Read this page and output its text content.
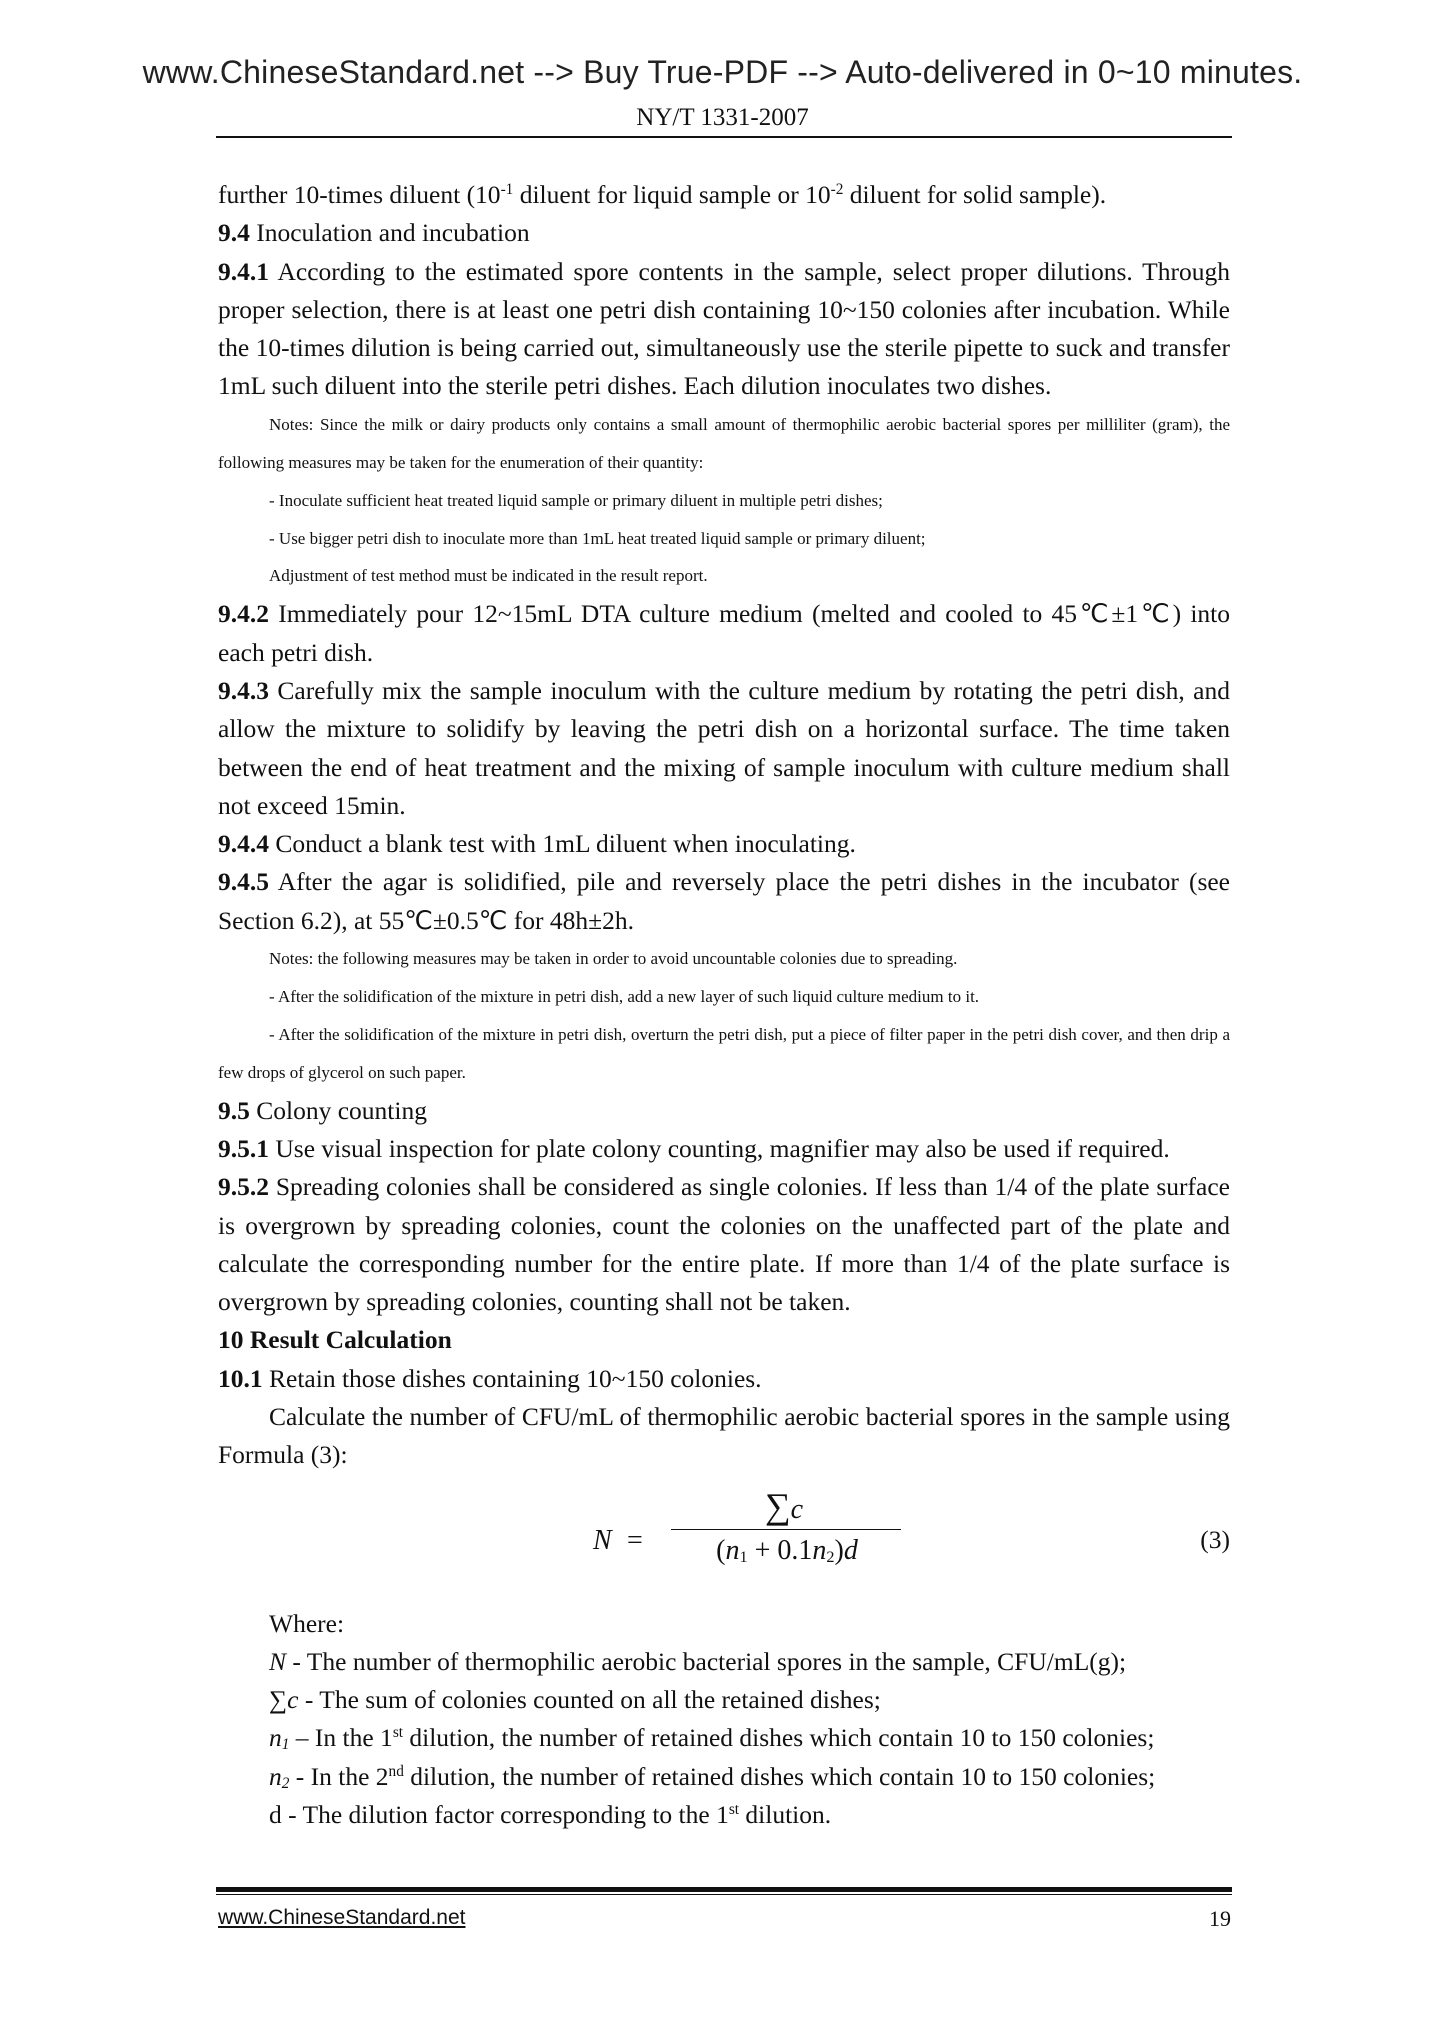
www.ChineseStandard.net --> Buy True-PDF --> Auto-delivered in 0~10 minutes.
NY/T 1331-2007

further 10-times diluent ($10^{-1}$ diluent for liquid sample or $10^{-2}$ diluent for solid sample).

9.4 Inoculation and incubation

9.4.1 According to the estimated spore contents in the sample, select proper dilutions. Through proper selection, there is at least one petri dish containing 10~150 colonies after incubation. While the 10-times dilution is being carried out, simultaneously use the sterile pipette to suck and transfer 1mL such diluent into the sterile petri dishes. Each dilution inoculates two dishes.

Notes: Since the milk or dairy products only contains a small amount of thermophilic aerobic bacterial spores per milliliter (gram), the following measures may be taken for the enumeration of their quantity:

- Inoculate sufficient heat treated liquid sample or primary diluent in multiple petri dishes;

- Use bigger petri dish to inoculate more than 1mL heat treated liquid sample or primary diluent;

Adjustment of test method must be indicated in the result report.

9.4.2 Immediately pour 12~15mL DTA culture medium (melted and cooled to 45℃±1℃) into each petri dish.

9.4.3 Carefully mix the sample inoculum with the culture medium by rotating the petri dish, and allow the mixture to solidify by leaving the petri dish on a horizontal surface. The time taken between the end of heat treatment and the mixing of sample inoculum with culture medium shall not exceed 15min.

9.4.4 Conduct a blank test with 1mL diluent when inoculating.

9.4.5 After the agar is solidified, pile and reversely place the petri dishes in the incubator (see Section 6.2), at 55℃±0.5℃ for 48h±2h.

Notes: the following measures may be taken in order to avoid uncountable colonies due to spreading.

- After the solidification of the mixture in petri dish, add a new layer of such liquid culture medium to it.

- After the solidification of the mixture in petri dish, overturn the petri dish, put a piece of filter paper in the petri dish cover, and then drip a few drops of glycerol on such paper.

9.5 Colony counting

9.5.1 Use visual inspection for plate colony counting, magnifier may also be used if required.

9.5.2 Spreading colonies shall be considered as single colonies. If less than 1/4 of the plate surface is overgrown by spreading colonies, count the colonies on the unaffected part of the plate and calculate the corresponding number for the entire plate. If more than 1/4 of the plate surface is overgrown by spreading colonies, counting shall not be taken.

10 Result Calculation

10.1 Retain those dishes containing 10~150 colonies.

Calculate the number of CFU/mL of thermophilic aerobic bacterial spores in the sample using Formula (3):

N =
∑c
$(n_1 + 0.1n_2)d$	(3)

Where:

N - The number of thermophilic aerobic bacterial spores in the sample, CFU/mL(g);

∑c - The sum of colonies counted on all the retained dishes;

$n_1$ – In the 1st dilution, the number of retained dishes which contain 10 to 150 colonies;

$n_2$ - In the 2nd dilution, the number of retained dishes which contain 10 to 150 colonies;

d - The dilution factor corresponding to the 1st dilution.

www.ChineseStandard.net	19
